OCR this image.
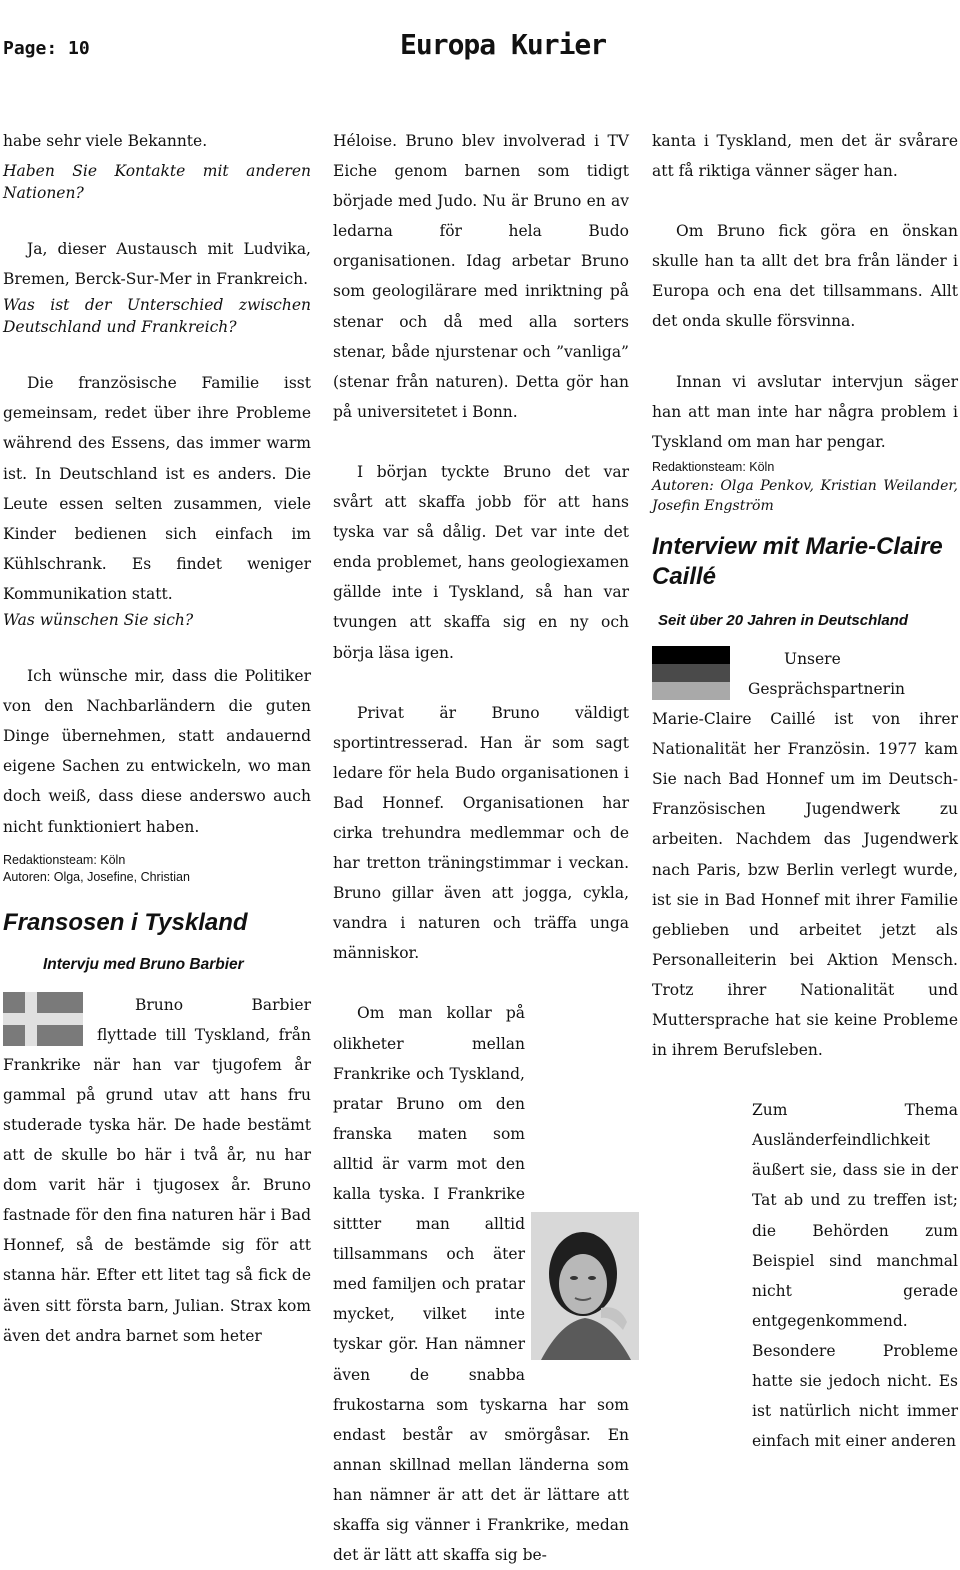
Page: 10	Europa Kurier

habe sehr viele Bekannte.

Haben Sie Kontakte mit anderen Nationen?

Ja, dieser Austausch mit Ludvika, Bremen, Berck-Sur-Mer in Frankreich.

Was ist der Unterschied zwischen Deutschland und Frankreich?

Die französische Familie isst gemeinsam, redet über ihre Probleme während des Essens, das immer warm ist. In Deutschland ist es anders. Die Leute essen selten zusammen, viele Kinder bedienen sich einfach im Kühlschrank. Es findet weniger Kommunikation statt.

Was wünschen Sie sich?

Ich wünsche mir, dass die Politiker von den Nachbarländern die guten Dinge übernehmen, statt andauernd eigene Sachen zu entwickeln, wo man doch weiß, dass diese anderswo auch nicht funktioniert haben.

Redaktionsteam: Köln

Autoren: Olga, Josefine, Christian

Fransosen i Tyskland
Intervju med Bruno Barbier

Bruno Barbier flyttade till Tyskland, från Frankrike när han var tjugofem år gammal på grund utav att hans fru studerade tyska här. De hade bestämt att de skulle bo här i två år, nu har dom varit här i tjugosex år. Bruno fastnade för den fina naturen här i Bad Honnef, så de bestämde sig för att stanna här. Efter ett litet tag så fick de även sitt första barn, Julian. Strax kom även det andra barnet som heter

Héloise. Bruno blev involverad i TV Eiche genom barnen som tidigt började med Judo. Nu är Bruno en av ledarna för hela Budo organisationen. Idag arbetar Bruno som geologilärare med inriktning på stenar och då med alla sorters stenar, både njurstenar och ”vanliga” (stenar från naturen). Detta gör han på universitetet i Bonn.

I början tyckte Bruno det var svårt att skaffa jobb för att hans tyska var så dålig. Det var inte det enda problemet, hans geologiexamen gällde inte i Tyskland, så han var tvungen att skaffa sig en ny och börja läsa igen.

Privat är Bruno väldigt sportintresserad. Han är som sagt ledare för hela Budo organisationen i Bad Honnef. Organisationen har cirka trehundra medlemmar och de har tretton träningstimmar i veckan. Bruno gillar även att jogga, cykla, vandra i naturen och träffa unga människor.

Om man kollar på olikheter mellan Frankrike och Tyskland, pratar Bruno om den franska maten som alltid är varm mot den kalla tyska. I Frankrike sittter man alltid tillsammans och äter med familjen och pratar mycket, vilket inte tyskar gör. Han nämner även de snabba frukostarna som tyskarna har som endast består av smörgåsar. En annan skillnad mellan länderna som han nämner är att det är lättare att skaffa sig vänner i Frankrike, medan det är lätt att skaffa sig be-

kanta i Tyskland, men det är svårare att få riktiga vänner säger han.

Om Bruno fick göra en önskan skulle han ta allt det bra från länder i Europa och ena det tillsammans. Allt det onda skulle försvinna.

Innan vi avslutar intervjun säger han att man inte har några problem i Tyskland om man har pengar.

Redaktionsteam: Köln

Autoren: Olga Penkov, Kristian Weilander, Josefin Engström

Interview mit Marie-Claire Caillé
Seit über 20 Jahren in Deutschland

Unsere Gesprächspartnerin Marie-Claire Caillé ist von ihrer Nationalität her Französin. 1977 kam Sie nach Bad Honnef um im Deutsch- Französischen Jugendwerk zu arbeiten. Nachdem das Jugendwerk nach Paris, bzw Berlin verlegt wurde, ist sie in Bad Honnef mit ihrer Familie geblieben und arbeitet jetzt als Personalleiterin bei Aktion Mensch. Trotz ihrer Nationalität und Muttersprache hat sie keine Probleme in ihrem Berufsleben.

Zum Thema Ausländerfeindlichkeit äußert sie, dass sie in der Tat ab und zu treffen ist; die Behörden zum Beispiel sind manchmal nicht gerade entgegenkommend. Besondere Probleme hatte sie jedoch nicht. Es ist natürlich nicht immer einfach mit einer anderen
